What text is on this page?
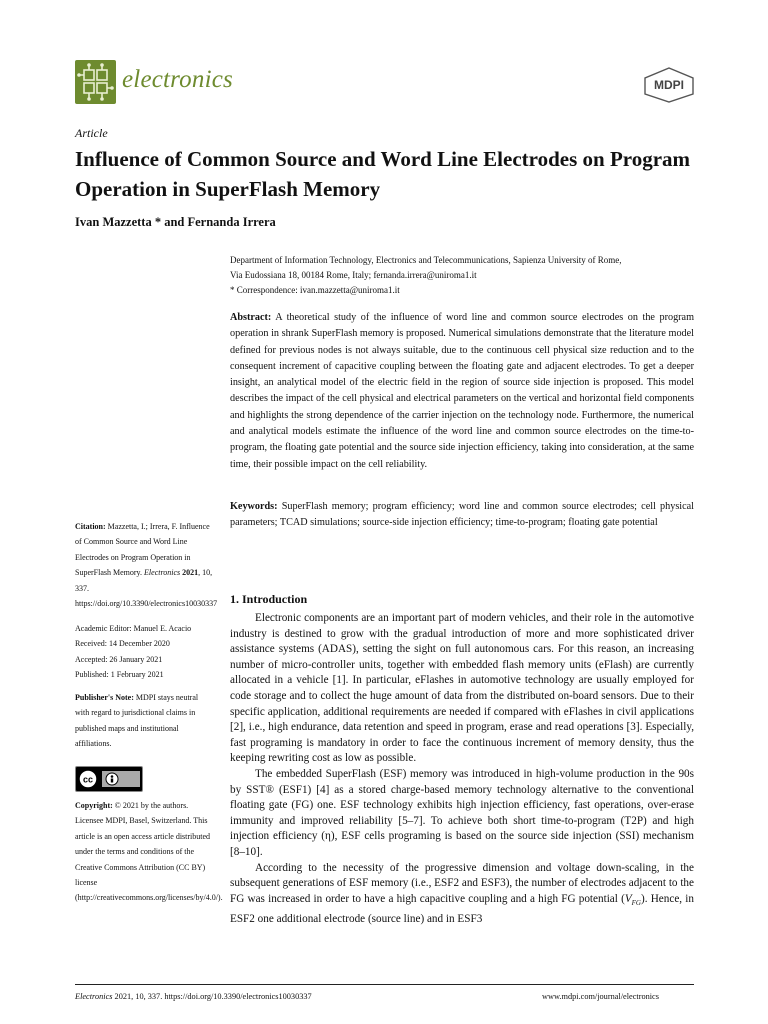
electronics	MDPI
Article
Influence of Common Source and Word Line Electrodes on Program Operation in SuperFlash Memory
Ivan Mazzetta * and Fernanda Irrera
Department of Information Technology, Electronics and Telecommunications, Sapienza University of Rome,
Via Eudossiana 18, 00184 Rome, Italy; fernanda.irrera@uniroma1.it
* Correspondence: ivan.mazzetta@uniroma1.it
Abstract: A theoretical study of the influence of word line and common source electrodes on the program operation in shrank SuperFlash memory is proposed. Numerical simulations demonstrate that the literature model defined for previous nodes is not always suitable, due to the continuous cell physical size reduction and to the consequent increment of capacitive coupling between the floating gate and adjacent electrodes. To get a deeper insight, an analytical model of the electric field in the region of source side injection is proposed. This model describes the impact of the cell physical and electrical parameters on the vertical and horizontal field components and highlights the strong dependence of the carrier injection on the technology node. Furthermore, the numerical and analytical models estimate the influence of the word line and common source electrodes on the time-to-program, the floating gate potential and the source side injection efficiency, taking into consideration, at the same time, their possible impact on the cell reliability.
Keywords: SuperFlash memory; program efficiency; word line and common source electrodes; cell physical parameters; TCAD simulations; source-side injection efficiency; time-to-program; floating gate potential
Citation: Mazzetta, I.; Irrera, F. Influence of Common Source and Word Line Electrodes on Program Operation in SuperFlash Memory. Electronics 2021, 10, 337. https://doi.org/10.3390/electronics10030337
Academic Editor: Manuel E. Acacio
Received: 14 December 2020
Accepted: 26 January 2021
Published: 1 February 2021
Publisher's Note: MDPI stays neutral with regard to jurisdictional claims in published maps and institutional affiliations.
cc
Copyright: © 2021 by the authors. Licensee MDPI, Basel, Switzerland. This article is an open access article distributed under the terms and conditions of the Creative Commons Attribution (CC BY) license (http://creativecommons.org/licenses/by/4.0/).
1. Introduction

Electronic components are an important part of modern vehicles, and their role in the automotive industry is destined to grow with the gradual introduction of more and more sophisticated driver assistance systems (ADAS), setting the sight on full autonomous cars. For this reason, an increasing number of micro-controller units, together with embedded flash memory units (eFlash) are currently allocated in a vehicle [1]. In particular, eFlashes in automotive technology are usually employed for code storage and to collect the huge amount of data from the distributed on-board sensors. Due to their specific application, additional requirements are needed if compared with eFlashes in civil applications [2], i.e., high endurance, data retention and speed in program, erase and read operations [3]. Especially, fast programing is mandatory in order to face the continuous increment of memory density, thus the keeping rewriting cost as low as possible.

The embedded SuperFlash (ESF) memory was introduced in high-volume production in the 90s by SST® (ESF1) [4] as a stored charge-based memory technology alternative to the conventional floating gate (FG) one. ESF technology exhibits high injection efficiency, fast operations, over-erase immunity and improved reliability [5–7]. To achieve both short time-to-program (T2P) and high injection efficiency (η), ESF cells programing is based on the source side injection (SSI) mechanism [8–10].

According to the necessity of the progressive dimension and voltage down-scaling, in the subsequent generations of ESF memory (i.e., ESF2 and ESF3), the number of electrodes adjacent to the FG was increased in order to have a high capacitive coupling and a high FG potential $(V_{FG})$. Hence, in ESF2 one additional electrode (source line) and in ESF3

Electronics 2021, 10, 337. https://doi.org/10.3390/electronics10030337	www.mdpi.com/journal/electronics
